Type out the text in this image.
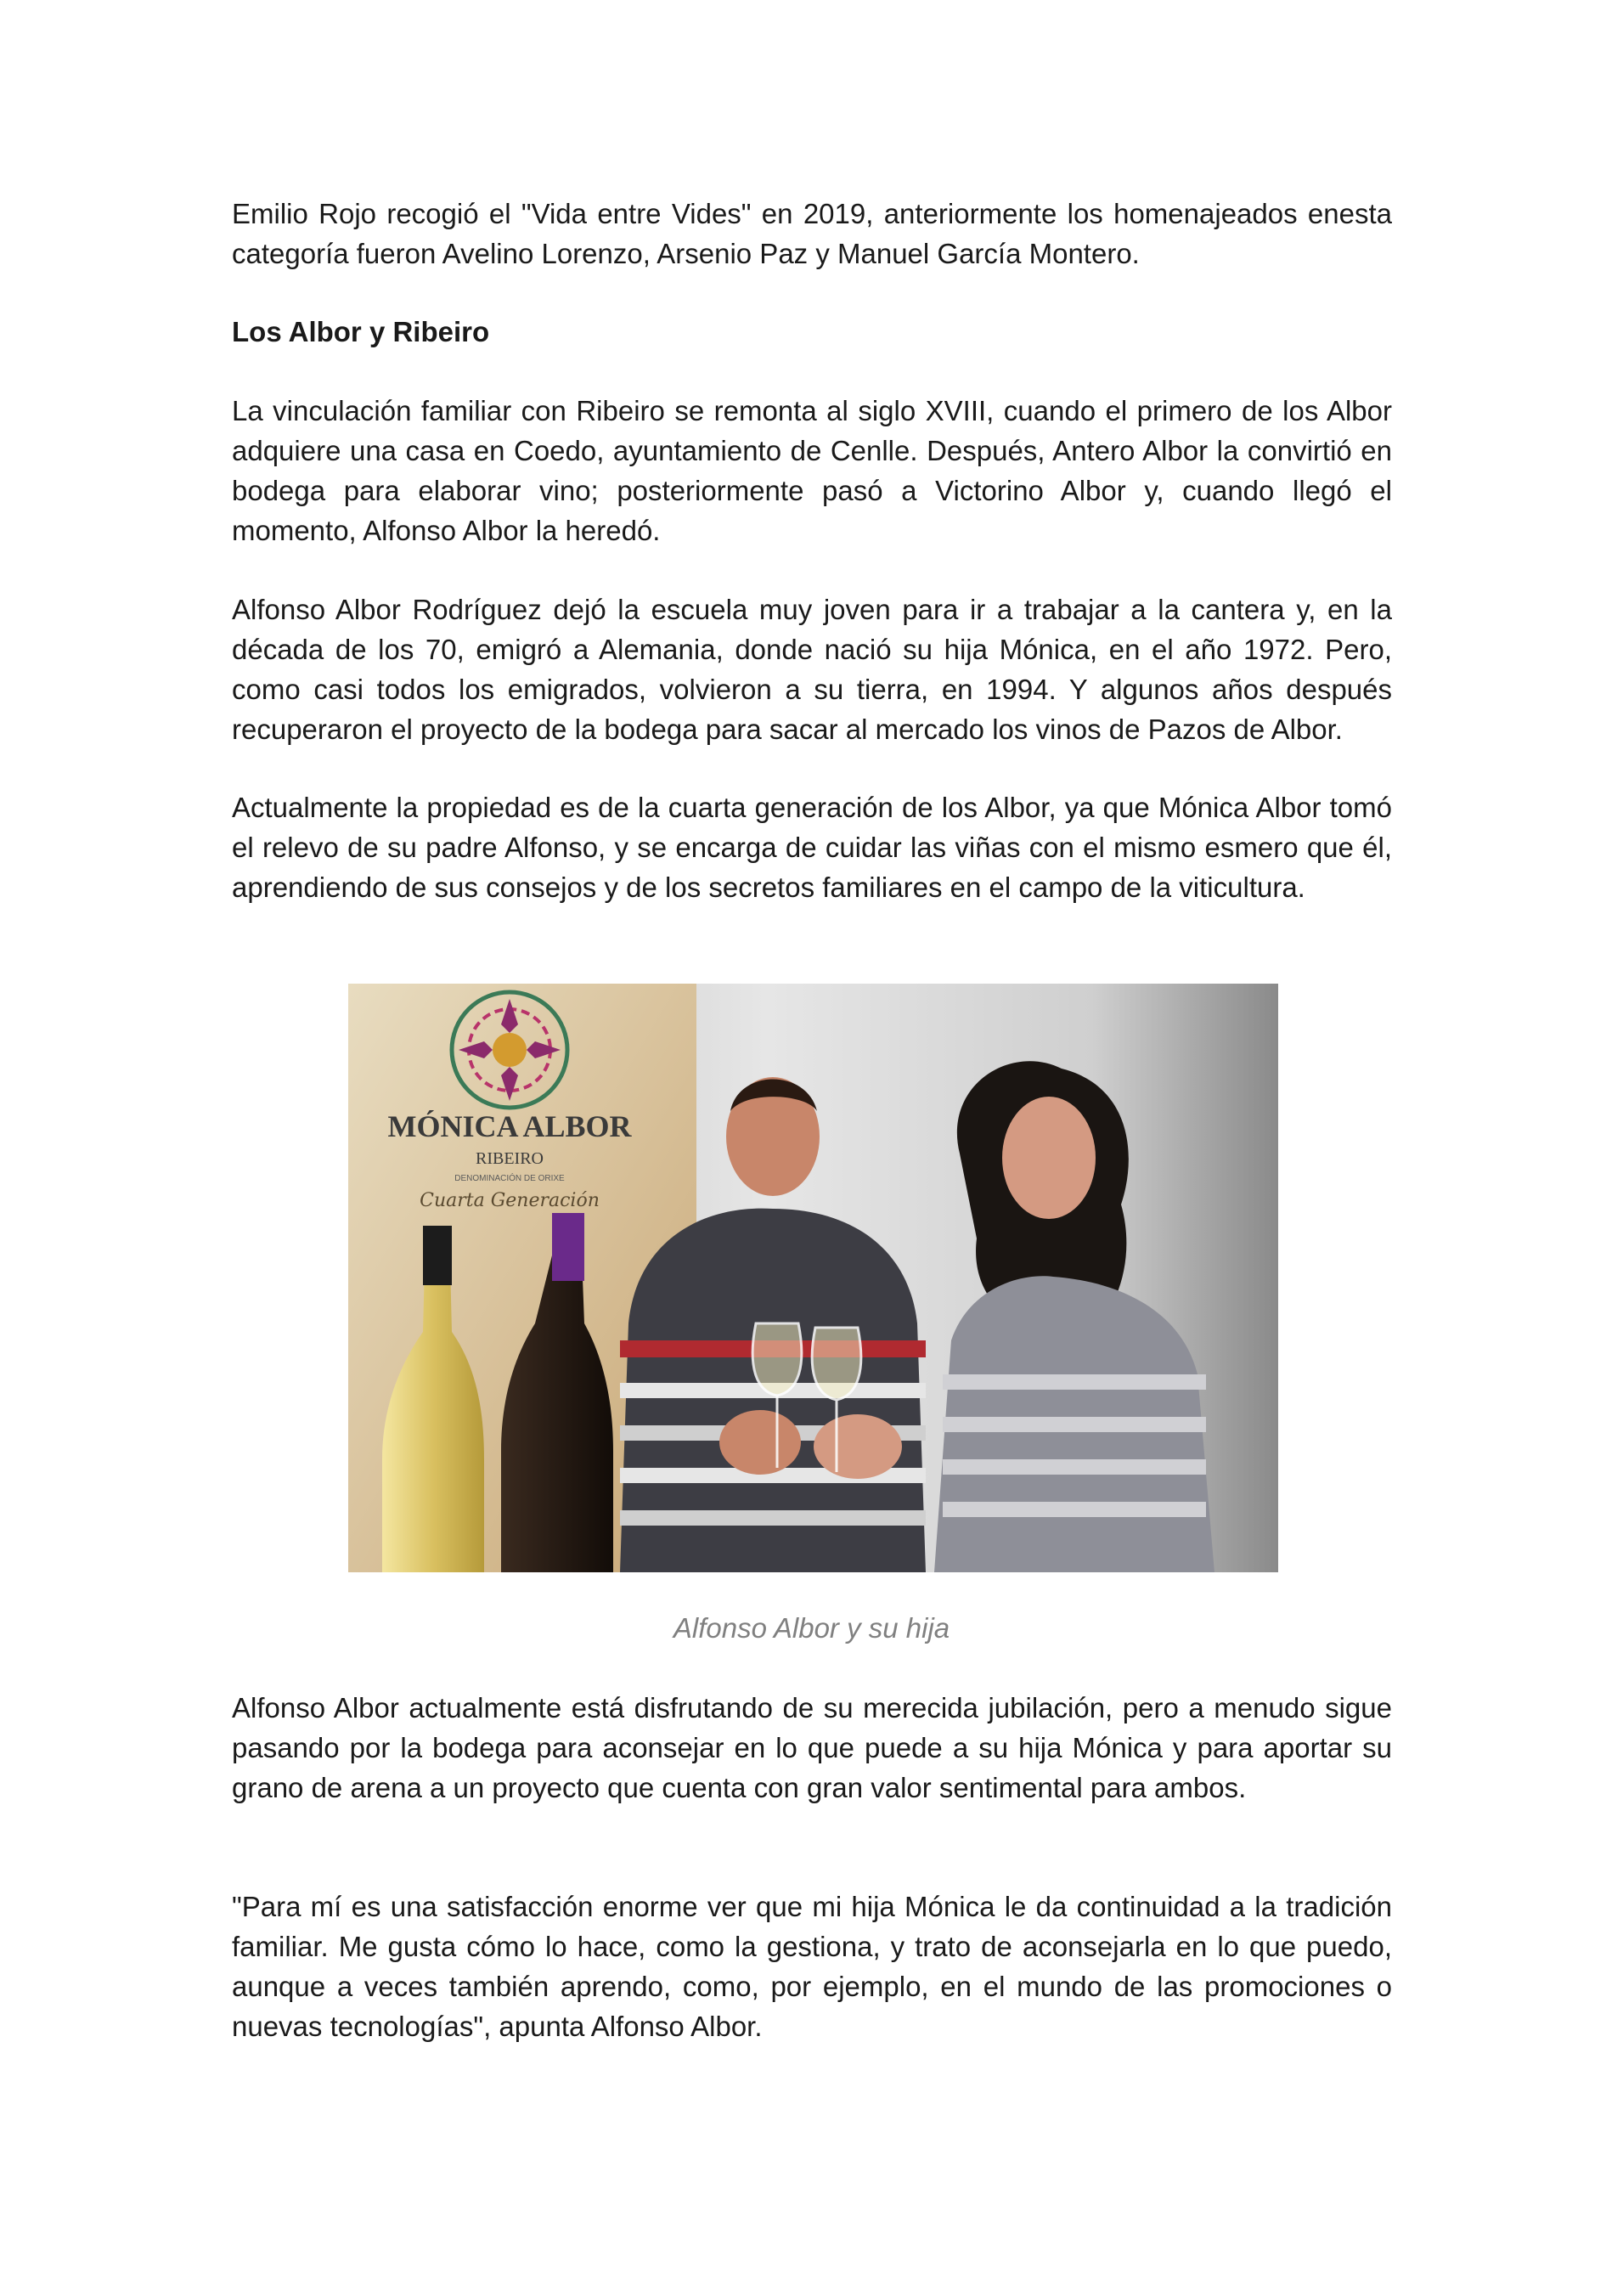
Emilio Rojo recogió el "Vida entre Vides" en 2019, anteriormente los homenajeados enesta categoría fueron Avelino Lorenzo, Arsenio Paz y Manuel García Montero.

Los Albor y Ribeiro

La vinculación familiar con Ribeiro se remonta al siglo XVIII, cuando el primero de los Albor adquiere una casa en Coedo, ayuntamiento de Cenlle. Después, Antero Albor la convirtió en bodega para elaborar vino; posteriormente pasó a Victorino Albor y, cuando llegó el momento, Alfonso Albor la heredó.

Alfonso Albor Rodríguez dejó la escuela muy joven para ir a trabajar a la cantera y, en la década de los 70, emigró a Alemania, donde nació su hija Mónica, en el año 1972. Pero, como casi todos los emigrados, volvieron a su tierra, en 1994. Y algunos años después recuperaron el proyecto de la bodega para sacar al mercado los vinos de Pazos de Albor.

Actualmente la propiedad es de la cuarta generación de los Albor, ya que Mónica Albor tomó el relevo de su padre Alfonso, y se encarga de cuidar las viñas con el mismo esmero que él, aprendiendo de sus consejos y de los secretos familiares en el campo de la viticultura.

MÓNICA ALBOR
RIBEIRO
DENOMINACIÓN DE ORIXE
Cuarta Generación

Alfonso Albor y su hija

Alfonso Albor actualmente está disfrutando de su merecida jubilación, pero a menudo sigue pasando por la bodega para aconsejar en lo que puede a su hija Mónica y para aportar su grano de arena a un proyecto que cuenta con gran valor sentimental para ambos.

"Para mí es una satisfacción enorme ver que mi hija Mónica le da continuidad a la tradición familiar. Me gusta cómo lo hace, como la gestiona, y trato de aconsejarla en lo que puedo, aunque a veces también aprendo, como, por ejemplo, en el mundo de las promociones o nuevas tecnologías", apunta Alfonso Albor.
